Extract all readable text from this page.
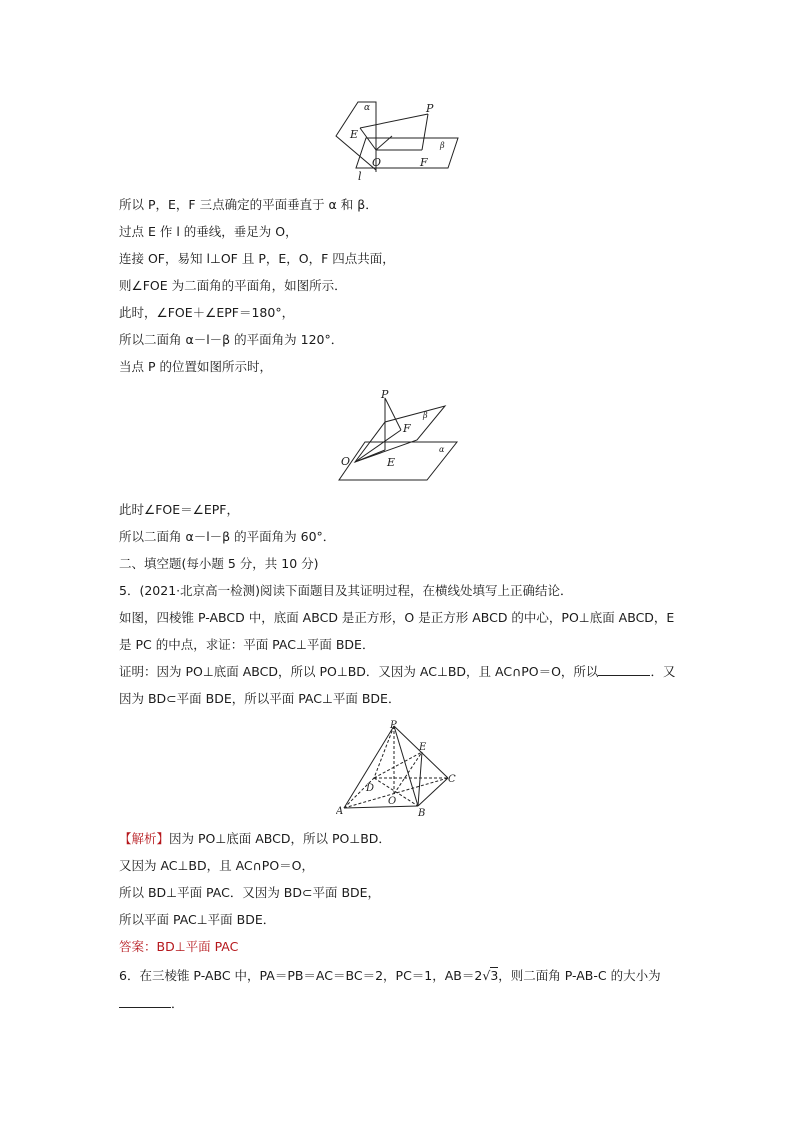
α	P
E
β
O	F
l
所以 P，E，F 三点确定的平面垂直于 α 和 β．
过点 E 作 l 的垂线，垂足为 O，
连接 OF，易知 l⊥OF 且 P，E，O，F 四点共面，
则∠FOE 为二面角的平面角，如图所示．
此时，∠FOE＋∠EPF＝180°，
所以二面角 α－l－β 的平面角为 120°．
当点 P 的位置如图所示时，
P
β
F
α
O	E
此时∠FOE＝∠EPF，
所以二面角 α－l－β 的平面角为 60°．
二、填空题(每小题 5 分，共 10 分)
5．(2021·北京高一检测)阅读下面题目及其证明过程，在横线处填写上正确结论．
如图，四棱锥 P-ABCD 中，底面 ABCD 是正方形，O 是正方形 ABCD 的中心，PO⊥底面 ABCD，E
是 PC 的中点，求证：平面 PAC⊥平面 BDE．
证明：因为 PO⊥底面 ABCD，所以 PO⊥BD．又因为 AC⊥BD，且 AC∩PO＝O，所以	．又
因为 BD⊂平面 BDE，所以平面 PAC⊥平面 BDE．
P
E
C
D
O
A	B
【解析】因为 PO⊥底面 ABCD，所以 PO⊥BD．
又因为 AC⊥BD，且 AC∩PO＝O，
所以 BD⊥平面 PAC．又因为 BD⊂平面 BDE，
所以平面 PAC⊥平面 BDE．
答案：BD⊥平面 PAC
6．在三棱锥 P-ABC 中，PA＝PB＝AC＝BC＝2，PC＝1，AB＝2√3，则二面角 P-AB-C 的大小为
．
